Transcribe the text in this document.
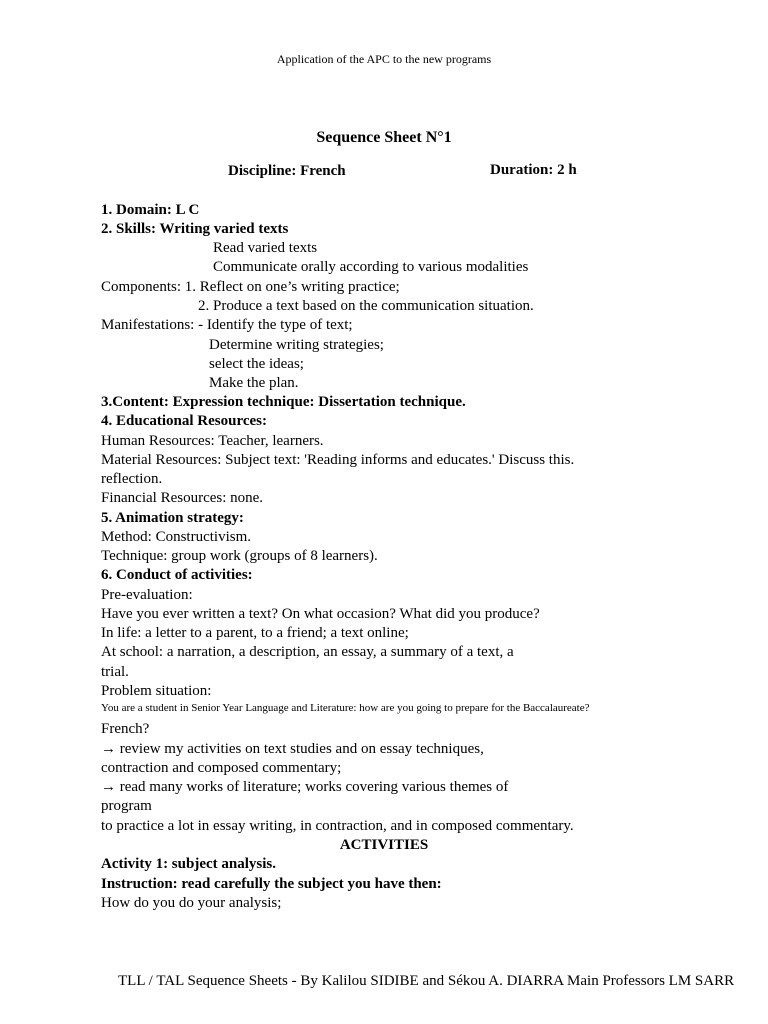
Application of the APC to the new programs
Sequence Sheet N°1
Discipline: French	Duration: 2 h
1. Domain: L C
2. Skills: Writing varied texts
Read varied texts
Communicate orally according to various modalities
Components: 1. Reflect on one’s writing practice;
2. Produce a text based on the communication situation.
Manifestations: - Identify the type of text;
Determine writing strategies;
select the ideas;
Make the plan.
3.Content: Expression technique: Dissertation technique.
4. Educational Resources:
Human Resources: Teacher, learners.
Material Resources: Subject text: 'Reading informs and educates.' Discuss this.
reflection.
Financial Resources: none.
5. Animation strategy:
Method: Constructivism.
Technique: group work (groups of 8 learners).
6. Conduct of activities:
Pre-evaluation:
Have you ever written a text? On what occasion? What did you produce?
In life: a letter to a parent, to a friend; a text online;
At school: a narration, a description, an essay, a summary of a text, a
trial.
Problem situation:
You are a student in Senior Year Language and Literature: how are you going to prepare for the Baccalaureate?
French?
→ review my activities on text studies and on essay techniques,
contraction and composed commentary;
→ read many works of literature; works covering various themes of
program
to practice a lot in essay writing, in contraction, and in composed commentary.
Activity 1: subject analysis.
Instruction: read carefully the subject you have then:
How do you do your analysis;
ACTIVITIES
TLL / TAL Sequence Sheets - By Kalilou SIDIBE and Sékou A. DIARRA Main Professors LM SARR
